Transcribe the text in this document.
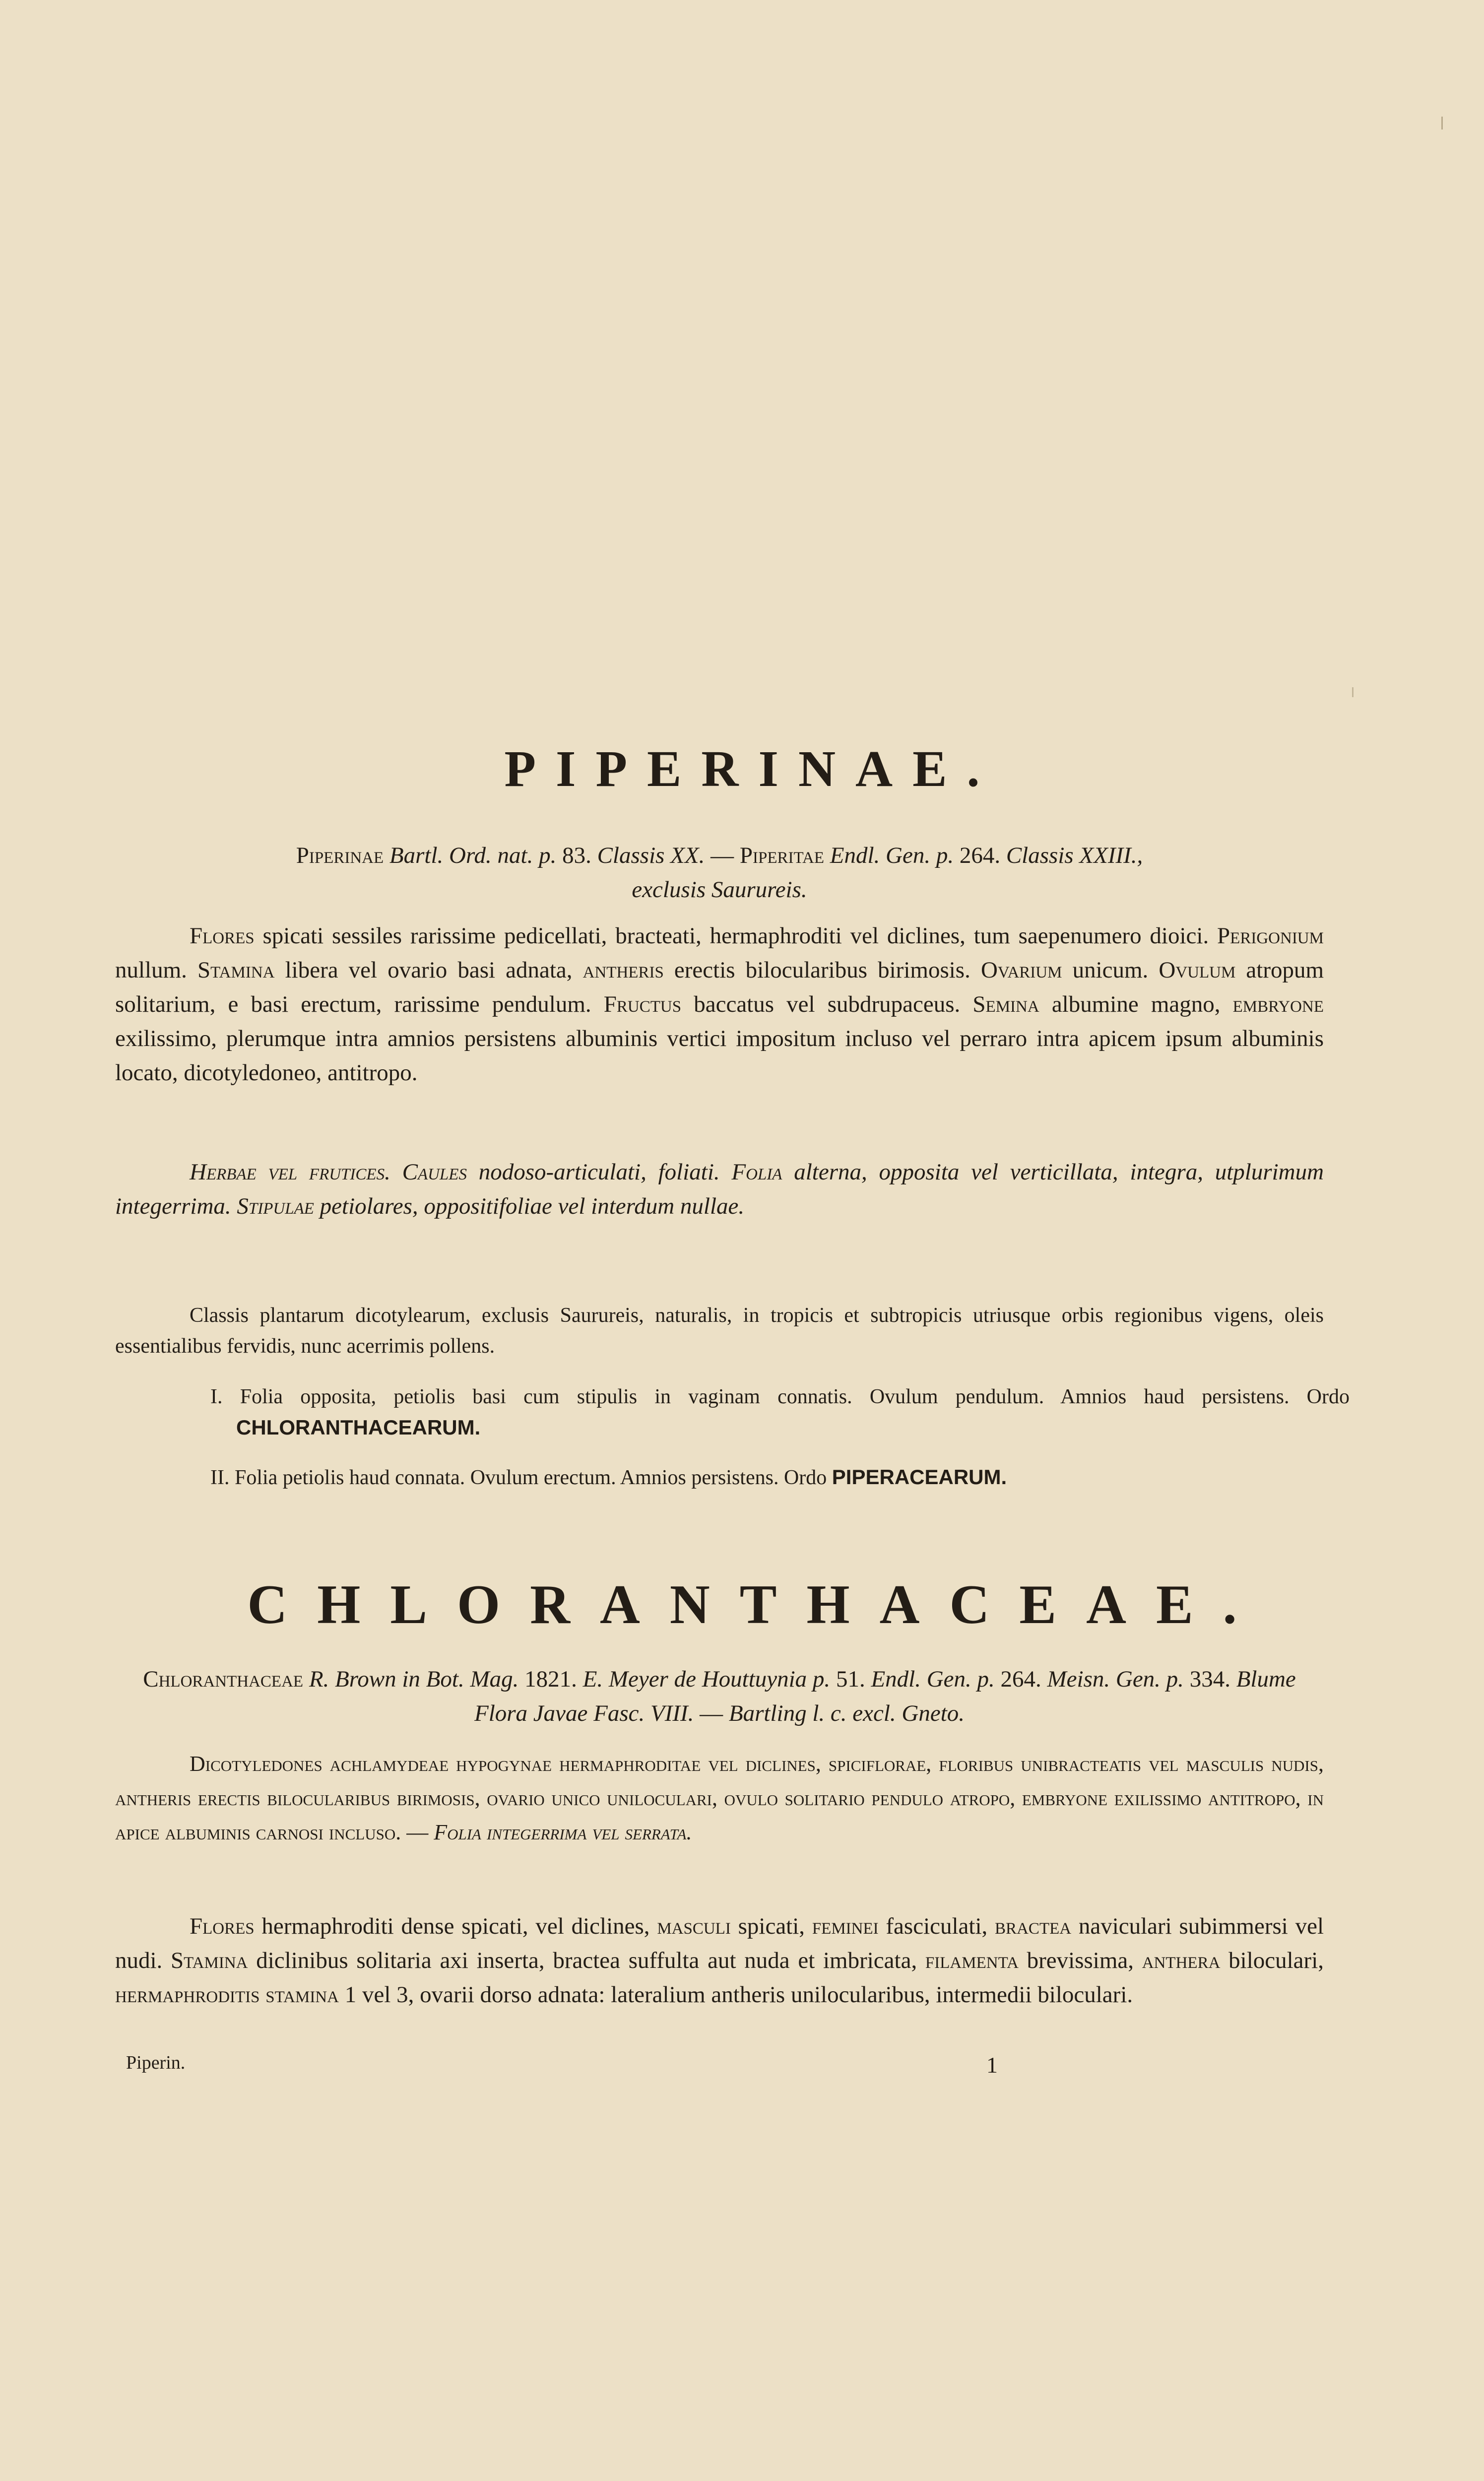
PIPERINAE.
Piperinae Bartl. Ord. nat. p. 83. Classis XX. — Piperitae Endl. Gen. p. 264. Classis XXIII.,
exclusis Saurureis.
Flores spicati sessiles rarissime pedicellati, bracteati, hermaphroditi vel diclines, tum saepenumero dioici. Perigonium nullum. Stamina libera vel ovario basi adnata, antheris erectis bilocularibus birimosis. Ovarium unicum. Ovulum atropum solitarium, e basi erectum, rarissime pendulum. Fructus baccatus vel subdrupaceus. Semina albumine magno, embryone exilissimo, plerumque intra amnios persistens albuminis vertici impositum incluso vel perraro intra apicem ipsum albuminis locato, dicotyledoneo, antitropo.
Herbae vel frutices. Caules nodoso-articulati, foliati. Folia alterna, opposita vel verticillata, integra, utplurimum integerrima. Stipulae petiolares, oppositifoliae vel interdum nullae.
Classis plantarum dicotylearum, exclusis Saurureis, naturalis, in tropicis et subtropicis utriusque orbis regionibus vigens, oleis essentialibus fervidis, nunc acerrimis pollens.
I. Folia opposita, petiolis basi cum stipulis in vaginam connatis. Ovulum pendulum. Amnios haud persistens. Ordo CHLORANTHACEARUM.
II. Folia petiolis haud connata. Ovulum erectum. Amnios persistens. Ordo PIPERACEARUM.
CHLORANTHACEAE.
Chloranthaceae R. Brown in Bot. Mag. 1821. E. Meyer de Houttuynia p. 51. Endl. Gen. p. 264. Meisn. Gen. p. 334. Blume Flora Javae Fasc. VIII. — Bartling l. c. excl. Gneto.
Dicotyledones achlamydeae hypogynae hermaphroditae vel diclines, spiciflorae, floribus unibracteatis vel masculis nudis, antheris erectis bilocularibus birimosis, ovario unico uniloculari, ovulo solitario pendulo atropo, embryone exilissimo antitropo, in apice albuminis carnosi incluso. — Folia integerrima vel serrata.
Flores hermaphroditi dense spicati, vel diclines, masculi spicati, feminei fasciculati, bractea naviculari subimmersi vel nudi. Stamina diclinibus solitaria axi inserta, bractea suffulta aut nuda et imbricata, filamenta brevissima, anthera biloculari, hermaphroditis stamina 1 vel 3, ovarii dorso adnata: lateralium antheris unilocularibus, intermedii biloculari.
Piperin.	1
